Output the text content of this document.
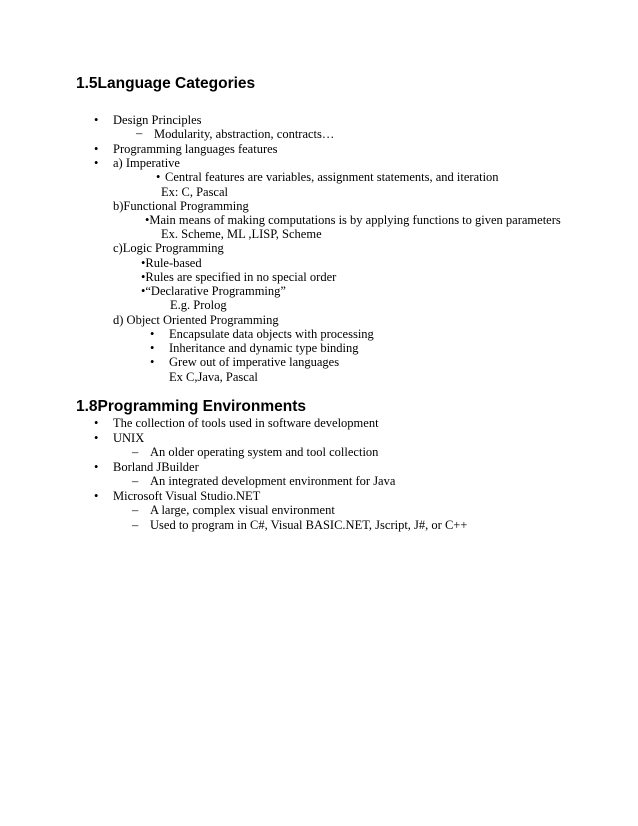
1.5Language Categories
• Design Principles
– Modularity, abstraction, contracts…
• Programming languages features
• a) Imperative
• Central features are variables, assignment statements, and iteration
Ex: C, Pascal
b)Functional Programming
•Main means of making computations is by applying functions to given parameters
Ex. Scheme, ML ,LISP, Scheme
c)Logic Programming
•Rule-based
•Rules are specified in no special order
•“Declarative Programming”
E.g. Prolog
d) Object Oriented Programming
• Encapsulate data objects with processing
• Inheritance and dynamic type binding
• Grew out of imperative languages
Ex C,Java, Pascal
1.8Programming Environments
• The collection of tools used in software development
• UNIX
– An older operating system and tool collection
• Borland JBuilder
– An integrated development environment for Java
• Microsoft Visual Studio.NET
– A large, complex visual environment
– Used to program in C#, Visual BASIC.NET, Jscript, J#, or C++
